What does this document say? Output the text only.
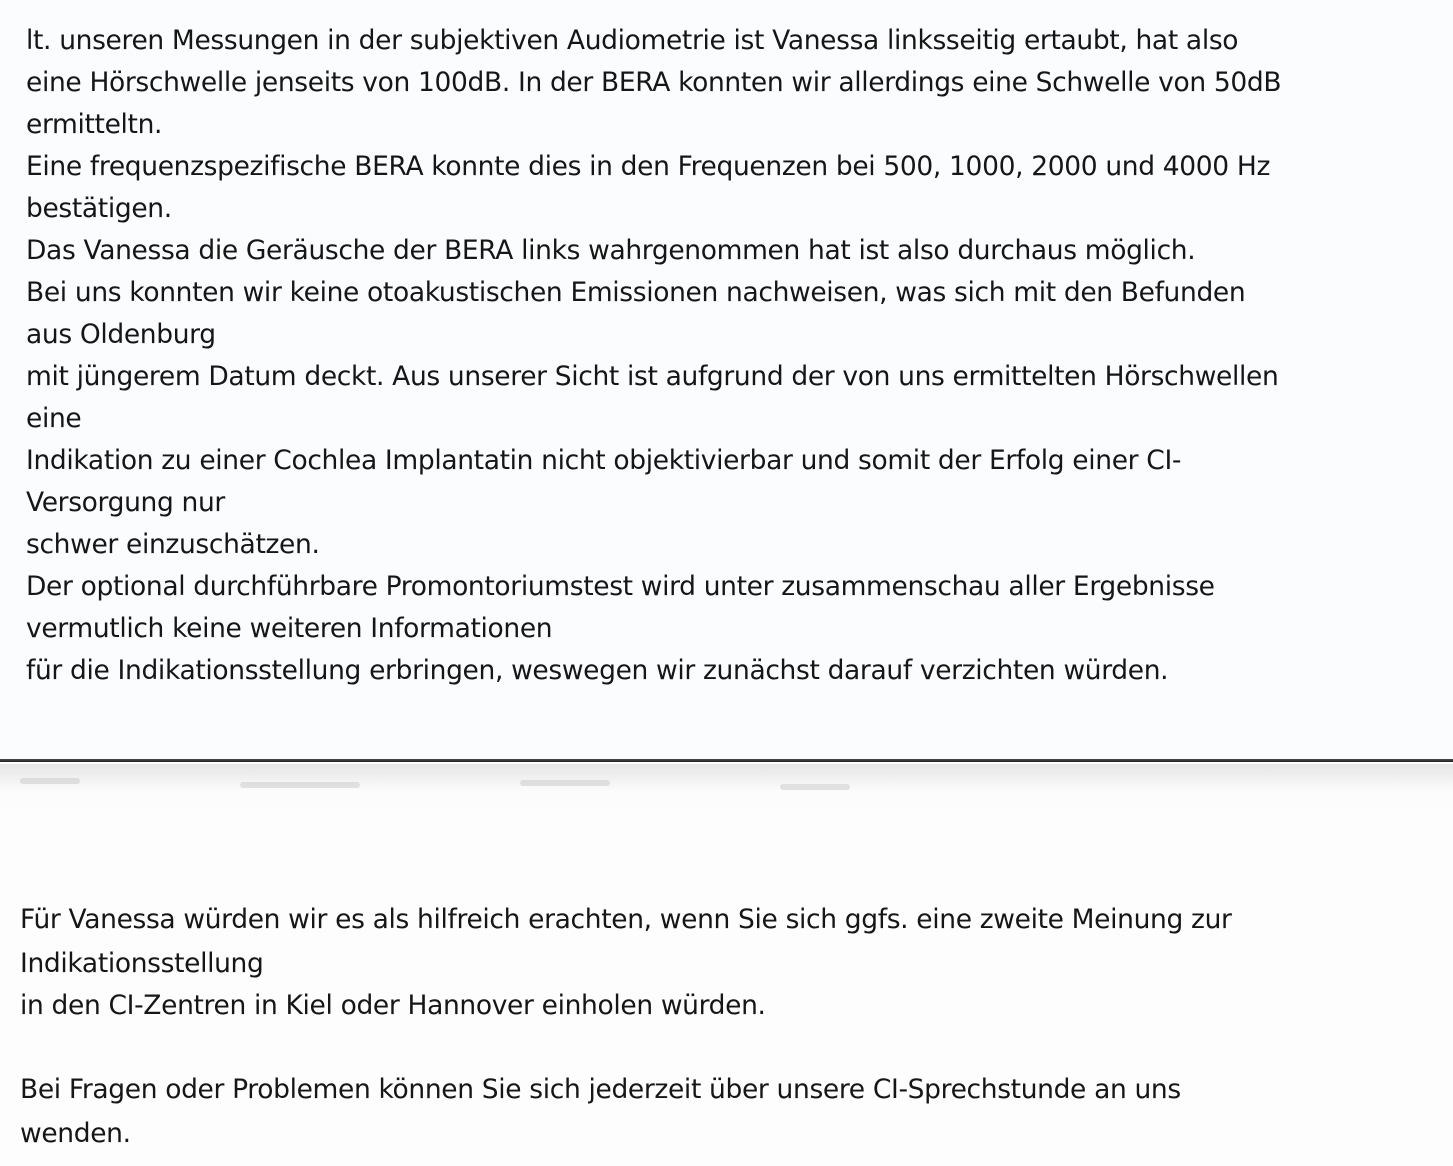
lt. unseren Messungen in der subjektiven Audiometrie ist Vanessa linksseitig ertaubt, hat also

eine Hörschwelle jenseits von 100dB. In der BERA konnten wir allerdings eine Schwelle von 50dB

ermitteltn.

Eine frequenzspezifische BERA konnte dies in den Frequenzen bei 500, 1000, 2000 und 4000 Hz

bestätigen.

Das Vanessa die Geräusche der BERA links wahrgenommen hat ist also durchaus möglich.

Bei uns konnten wir keine otoakustischen Emissionen nachweisen, was sich mit den Befunden

aus Oldenburg

mit jüngerem Datum deckt. Aus unserer Sicht ist aufgrund der von uns ermittelten Hörschwellen

eine

Indikation zu einer Cochlea Implantatin nicht objektivierbar und somit der Erfolg einer CI-

Versorgung nur

schwer einzuschätzen.

Der optional durchführbare Promontoriumstest wird unter zusammenschau aller Ergebnisse

vermutlich keine weiteren Informationen

für die Indikationsstellung erbringen, weswegen wir zunächst darauf verzichten würden.

Für Vanessa würden wir es als hilfreich erachten, wenn Sie sich ggfs. eine zweite Meinung zur

Indikationsstellung

in den CI-Zentren in Kiel oder Hannover einholen würden.

Bei Fragen oder Problemen können Sie sich jederzeit über unsere CI-Sprechstunde an uns

wenden.
